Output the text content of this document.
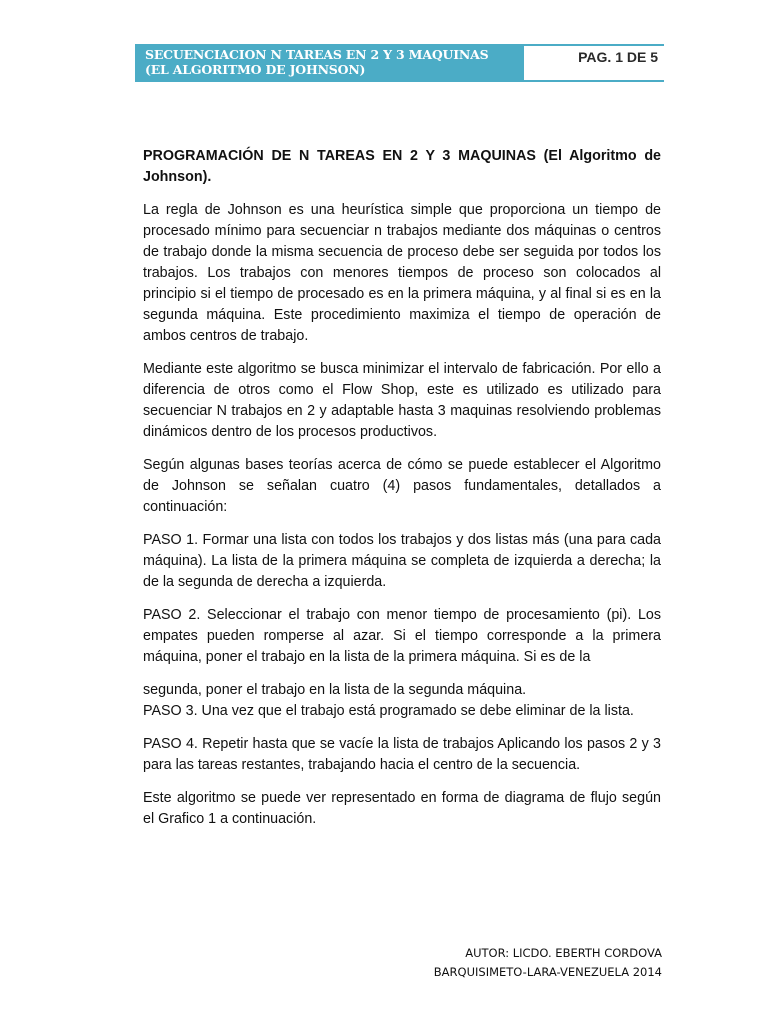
SECUENCIACION N TAREAS EN 2 Y 3 MAQUINAS
(EL ALGORITMO DE JOHNSON)
PAG. 1 DE 5
PROGRAMACIÓN DE N TAREAS EN 2 Y 3 MAQUINAS (El Algoritmo de Johnson).

La regla de Johnson es una heurística simple que proporciona un tiempo de procesado mínimo para secuenciar n trabajos mediante dos máquinas o centros de trabajo donde la misma secuencia de proceso debe ser seguida por todos los trabajos. Los trabajos con menores tiempos de proceso son colocados al principio si el tiempo de procesado es en la primera máquina, y al final si es en la segunda máquina. Este procedimiento maximiza el tiempo de operación de ambos centros de trabajo.

Mediante este algoritmo se busca minimizar el intervalo de fabricación. Por ello a diferencia de otros como el Flow Shop, este es utilizado es utilizado para secuenciar N trabajos en 2 y adaptable hasta 3 maquinas resolviendo problemas dinámicos dentro de los procesos productivos.

Según algunas bases teorías acerca de cómo se puede establecer el Algoritmo de Johnson se señalan cuatro (4) pasos fundamentales, detallados a continuación:

PASO 1. Formar una lista con todos los trabajos y dos listas más (una para cada máquina). La lista de la primera máquina se completa de izquierda a derecha; la de la segunda de derecha a izquierda.

PASO 2. Seleccionar el trabajo con menor tiempo de procesamiento (pi). Los empates pueden romperse al azar. Si el tiempo corresponde a la primera máquina, poner el trabajo en la lista de la primera máquina. Si es de la

segunda, poner el trabajo en la lista de la segunda máquina.

PASO 3. Una vez que el trabajo está programado se debe eliminar de la lista.

PASO 4. Repetir hasta que se vacíe la lista de trabajos Aplicando los pasos 2 y 3 para las tareas restantes, trabajando hacia el centro de la secuencia.

Este algoritmo se puede ver representado en forma de diagrama de flujo según el Grafico 1 a continuación.

AUTOR: LICDO. EBERTH CORDOVA
BARQUISIMETO-LARA-VENEZUELA 2014
